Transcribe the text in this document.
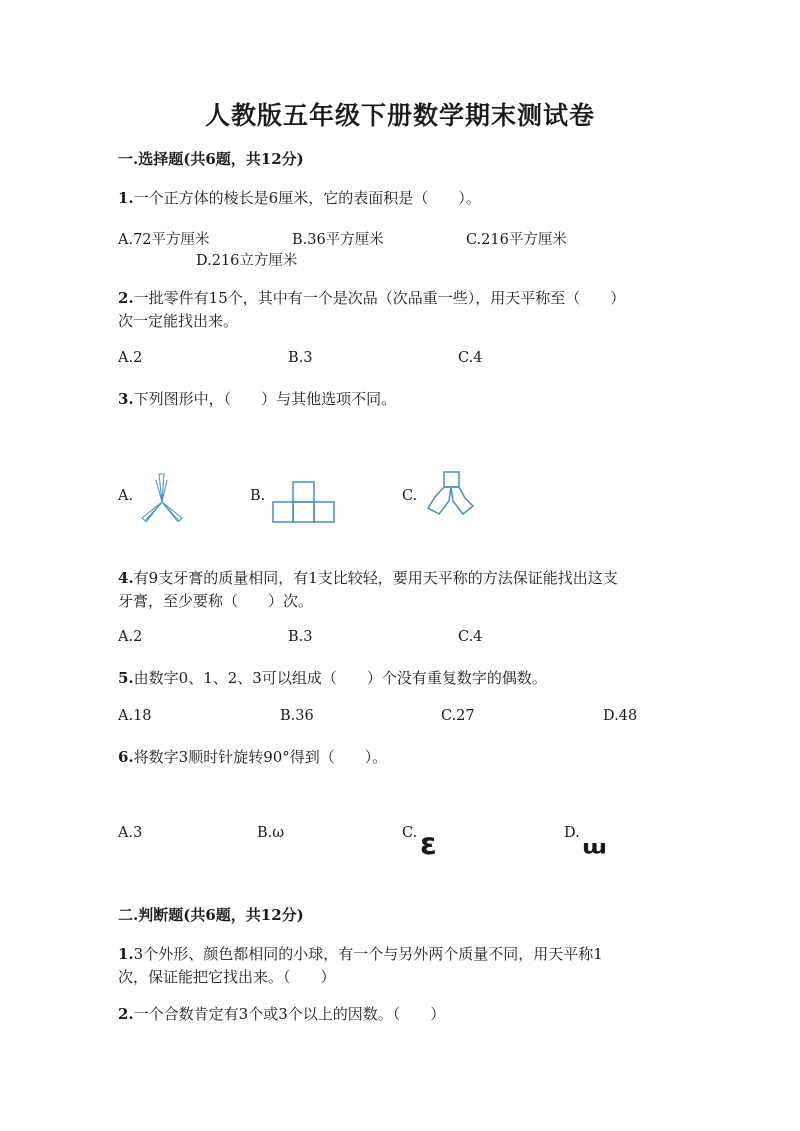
人教版五年级下册数学期末测试卷
一.选择题(共6题，共12分)
1.一个正方体的棱长是6厘米，它的表面积是（　　）。
A.72平方厘米	B.36平方厘米	C.216平方厘米
D.216立方厘米
2.一批零件有15个，其中有一个是次品（次品重一些），用天平称至（　　）
次一定能找出来。
A.2	B.3	C.4
3.下列图形中，（　　）与其他选项不同。
A.	B.	C.
4.有9支牙膏的质量相同，有1支比较轻，要用天平称的方法保证能找出这支
牙膏，至少要称（　　）次。
A.2	B.3	C.4
5.由数字0、1、2、3可以组成（　　）个没有重复数字的偶数。
A.18	B.36	C.27	D.48
6.将数字3顺时针旋转90°得到（　　）。
A.3	B.ω	C. ε	D.
ɯ
二.判断题(共6题，共12分)
1.3个外形、颜色都相同的小球，有一个与另外两个质量不同，用天平称1
次，保证能把它找出来。（　　）
2.一个合数肯定有3个或3个以上的因数。（　　）
